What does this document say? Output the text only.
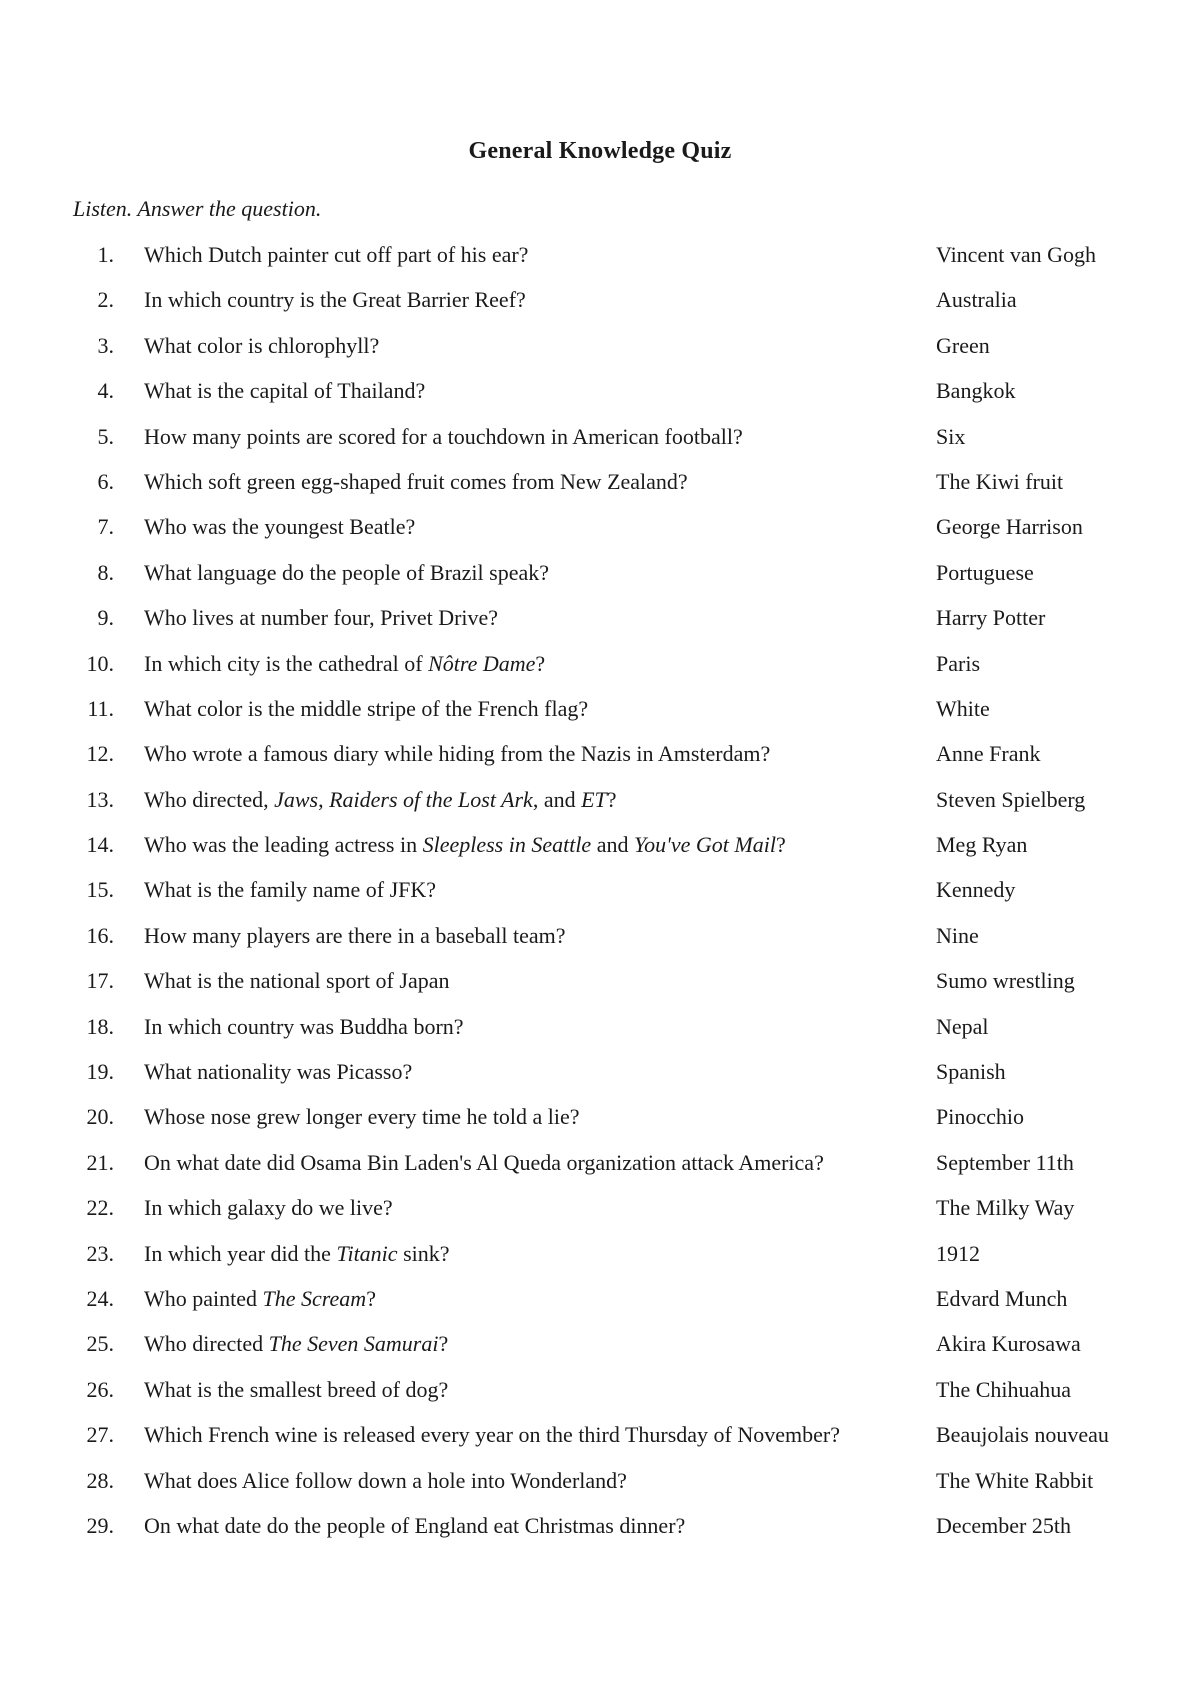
General Knowledge Quiz
Listen. Answer the question.
1. Which Dutch painter cut off part of his ear?	Vincent van Gogh
2. In which country is the Great Barrier Reef?	Australia
3. What color is chlorophyll?	Green
4. What is the capital of Thailand?	Bangkok
5. How many points are scored for a touchdown in American football?	Six
6. Which soft green egg-shaped fruit comes from New Zealand?	The Kiwi fruit
7. Who was the youngest Beatle?	George Harrison
8. What language do the people of Brazil speak?	Portuguese
9. Who lives at number four, Privet Drive?	Harry Potter
10. In which city is the cathedral of Nôtre Dame?	Paris
11. What color is the middle stripe of the French flag?	White
12. Who wrote a famous diary while hiding from the Nazis in Amsterdam?	Anne Frank
13. Who directed, Jaws, Raiders of the Lost Ark, and ET?	Steven Spielberg
14. Who was the leading actress in Sleepless in Seattle and You've Got Mail?	Meg Ryan
15. What is the family name of JFK?	Kennedy
16. How many players are there in a baseball team?	Nine
17. What is the national sport of Japan	Sumo wrestling
18. In which country was Buddha born?	Nepal
19. What nationality was Picasso?	Spanish
20. Whose nose grew longer every time he told a lie?	Pinocchio
21. On what date did Osama Bin Laden's Al Queda organization attack America?	September 11th
22. In which galaxy do we live?	The Milky Way
23. In which year did the Titanic sink?	1912
24. Who painted The Scream?	Edvard Munch
25. Who directed The Seven Samurai?	Akira Kurosawa
26. What is the smallest breed of dog?	The Chihuahua
27. Which French wine is released every year on the third Thursday of November?	Beaujolais nouveau
28. What does Alice follow down a hole into Wonderland?	The White Rabbit
29. On what date do the people of England eat Christmas dinner?	December 25th
